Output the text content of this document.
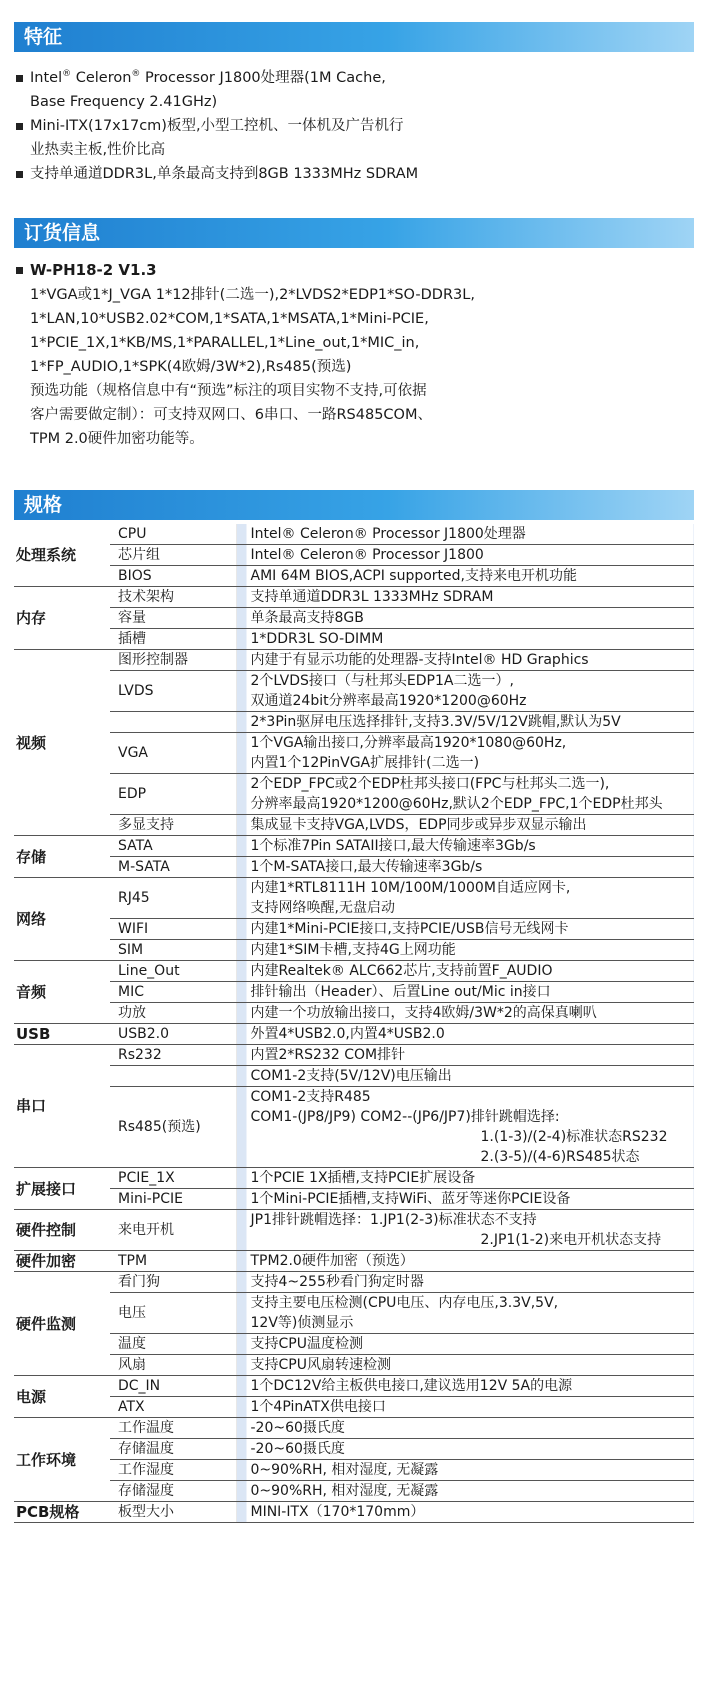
特征
Intel® Celeron® Processor J1800处理器(1M Cache,
Base Frequency 2.41GHz)
Mini-ITX(17x17cm)板型,小型工控机、一体机及广告机行
业热卖主板,性价比高
支持单通道DDR3L,单条最高支持到8GB 1333MHz SDRAM
订货信息
W-PH18-2 V1.3
1*VGA或1*J_VGA 1*12排针(二选一),2*LVDS2*EDP1*SO-DDR3L,
1*LAN,10*USB2.02*COM,1*SATA,1*MSATA,1*Mini-PCIE,
1*PCIE_1X,1*KB/MS,1*PARALLEL,1*Line_out,1*MIC_in,
1*FP_AUDIO,1*SPK(4欧姆/3W*2),Rs485(预选)
预选功能（规格信息中有“预选”标注的项目实物不支持,可依据
客户需要做定制）：可支持双网口、6串口、一路RS485COM、
TPM 2.0硬件加密功能等。
规格
处理系统	CPU	Intel® Celeron® Processor J1800处理器

	芯片组	Intel® Celeron® Processor J1800

	BIOS	AMI 64M BIOS,ACPI supported,支持来电开机功能

内存	技术架构	支持单通道DDR3L 1333MHz SDRAM

	容量	单条最高支持8GB

	插槽	1*DDR3L SO-DIMM

视频	图形控制器	内建于有显示功能的处理器-支持Intel® HD Graphics

	LVDS	2个LVDS接口（与杜邦头EDP1A二选一）,
双通道24bit分辨率最高1920*1200@60Hz

		2*3Pin驱屏电压选择排针,支持3.3V/5V/12V跳帽,默认为5V

	VGA	1个VGA输出接口,分辨率最高1920*1080@60Hz,
内置1个12PinVGA扩展排针(二选一)

	EDP	2个EDP_FPC或2个EDP杜邦头接口(FPC与杜邦头二选一),
分辨率最高1920*1200@60Hz,默认2个EDP_FPC,1个EDP杜邦头

	多显支持	集成显卡支持VGA,LVDS，EDP同步或异步双显示输出

存储	SATA	1个标准7Pin SATAII接口,最大传输速率3Gb/s

	M-SATA	1个M-SATA接口,最大传输速率3Gb/s

网络	RJ45	内建1*RTL8111H 10M/100M/1000M自适应网卡,
支持网络唤醒,无盘启动

	WIFI	内建1*Mini-PCIE接口,支持PCIE/USB信号无线网卡

	SIM	内建1*SIM卡槽,支持4G上网功能

音频	Line_Out	内建Realtek® ALC662芯片,支持前置F_AUDIO

	MIC	排针输出（Header）、后置Line out/Mic in接口

	功放	内建一个功放输出接口，支持4欧姆/3W*2的高保真喇叭

USB	USB2.0	外置4*USB2.0,内置4*USB2.0

串口	Rs232	内置2*RS232 COM排针

		COM1-2支持(5V/12V)电压输出

	Rs485(预选)	COM1-2支持R485
COM1-(JP8/JP9) COM2--(JP6/JP7)排针跳帽选择:
1.(1-3)/(2-4)标准状态RS232
2.(3-5)/(4-6)RS485状态

扩展接口	PCIE_1X	1个PCIE 1X插槽,支持PCIE扩展设备

	Mini-PCIE	1个Mini-PCIE插槽,支持WiFi、蓝牙等迷你PCIE设备

硬件控制	来电开机	JP1排针跳帽选择：1.JP1(2-3)标准状态不支持
2.JP1(1-2)来电开机状态支持

硬件加密	TPM	TPM2.0硬件加密（预选）

硬件监测	看门狗	支持4~255秒看门狗定时器

	电压	支持主要电压检测(CPU电压、内存电压,3.3V,5V,
12V等)侦测显示

	温度	支持CPU温度检测

	风扇	支持CPU风扇转速检测

电源	DC_IN	1个DC12V给主板供电接口,建议选用12V 5A的电源

	ATX	1个4PinATX供电接口

工作环境	工作温度	-20~60摄氏度

	存储温度	-20~60摄氏度

	工作湿度	0~90%RH, 相对湿度, 无凝露

	存储湿度	0~90%RH, 相对湿度, 无凝露

PCB规格	板型大小	MINI-ITX（170*170mm）
